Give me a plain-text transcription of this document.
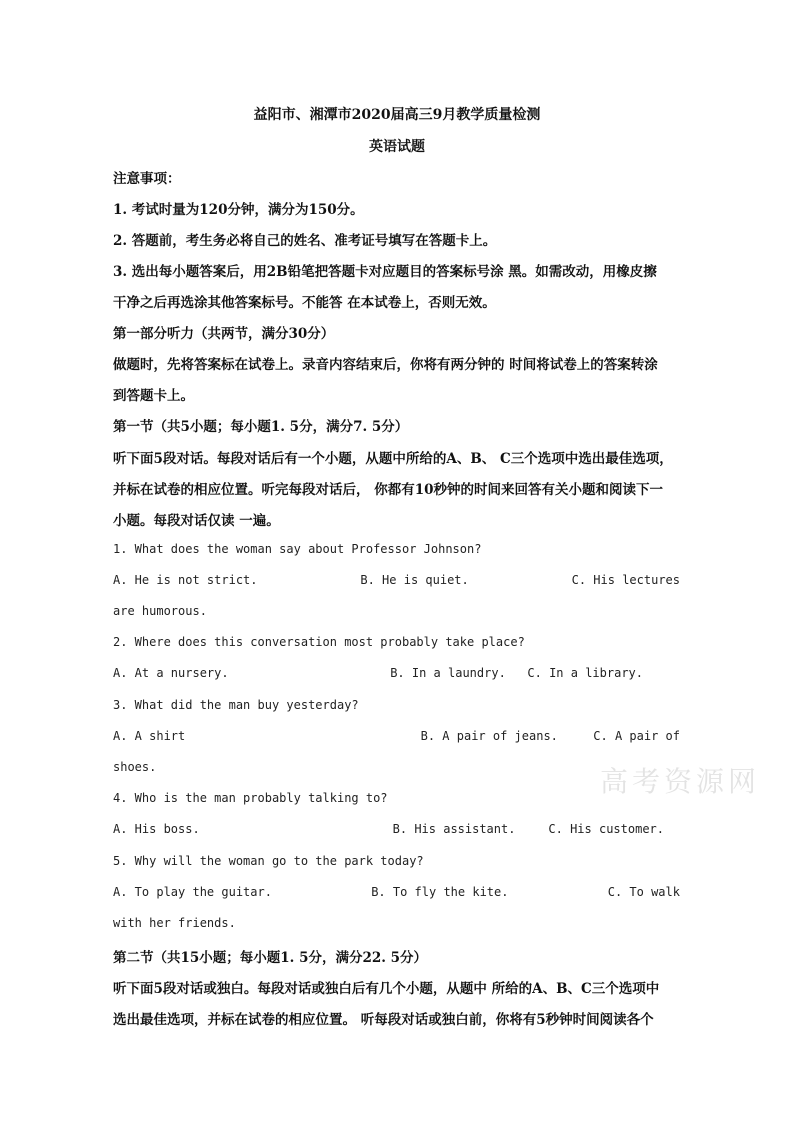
益阳市、湘潭市2020届高三9月教学质量检测
英语试题
注意事项：
1. 考试时量为120分钟，满分为150分。
2. 答题前，考生务必将自己的姓名、准考证号填写在答题卡上。
3. 选出每小题答案后，用2B铅笔把答题卡对应题目的答案标号涂 黑。如需改动，用橡皮擦
干净之后再选涂其他答案标号。不能答 在本试卷上，否则无效。
第一部分听力（共两节，满分30分）
做题时，先将答案标在试卷上。录音内容结束后，你将有两分钟的 时间将试卷上的答案转涂
到答题卡上。
第一节（共5小题；每小题1. 5分，满分7. 5分）
听下面5段对话。每段对话后有一个小题，从题中所给的A、B、 C三个选项中选出最佳选项，
并标在试卷的相应位置。听完每段对话后， 你都有10秒钟的时间来回答有关小题和阅读下一
小题。每段对话仅读 一遍。
1. What does the woman say about Professor Johnson?
A. He is not strict.	B. He is quiet.	C. His lectures
are humorous.
2. Where does this conversation most probably take place?
A. At a nursery.	B. In a laundry. C. In a library.
3. What did the man buy yesterday?
A. A shirt	B. A pair of jeans.	C. A pair of
shoes.
4. Who is the man probably talking to?
A. His boss.	B. His assistant.	C. His customer.
5. Why will the woman go to the park today?
A. To play the guitar.	B. To fly the kite.	C. To walk
with her friends.
第二节（共15小题；每小题1. 5分，满分22. 5分）
听下面5段对话或独白。每段对话或独白后有几个小题，从题中 所给的A、B、C三个选项中
选出最佳选项，并标在试卷的相应位置。 听每段对话或独白前，你将有5秒钟时间阅读各个
高考资源网
